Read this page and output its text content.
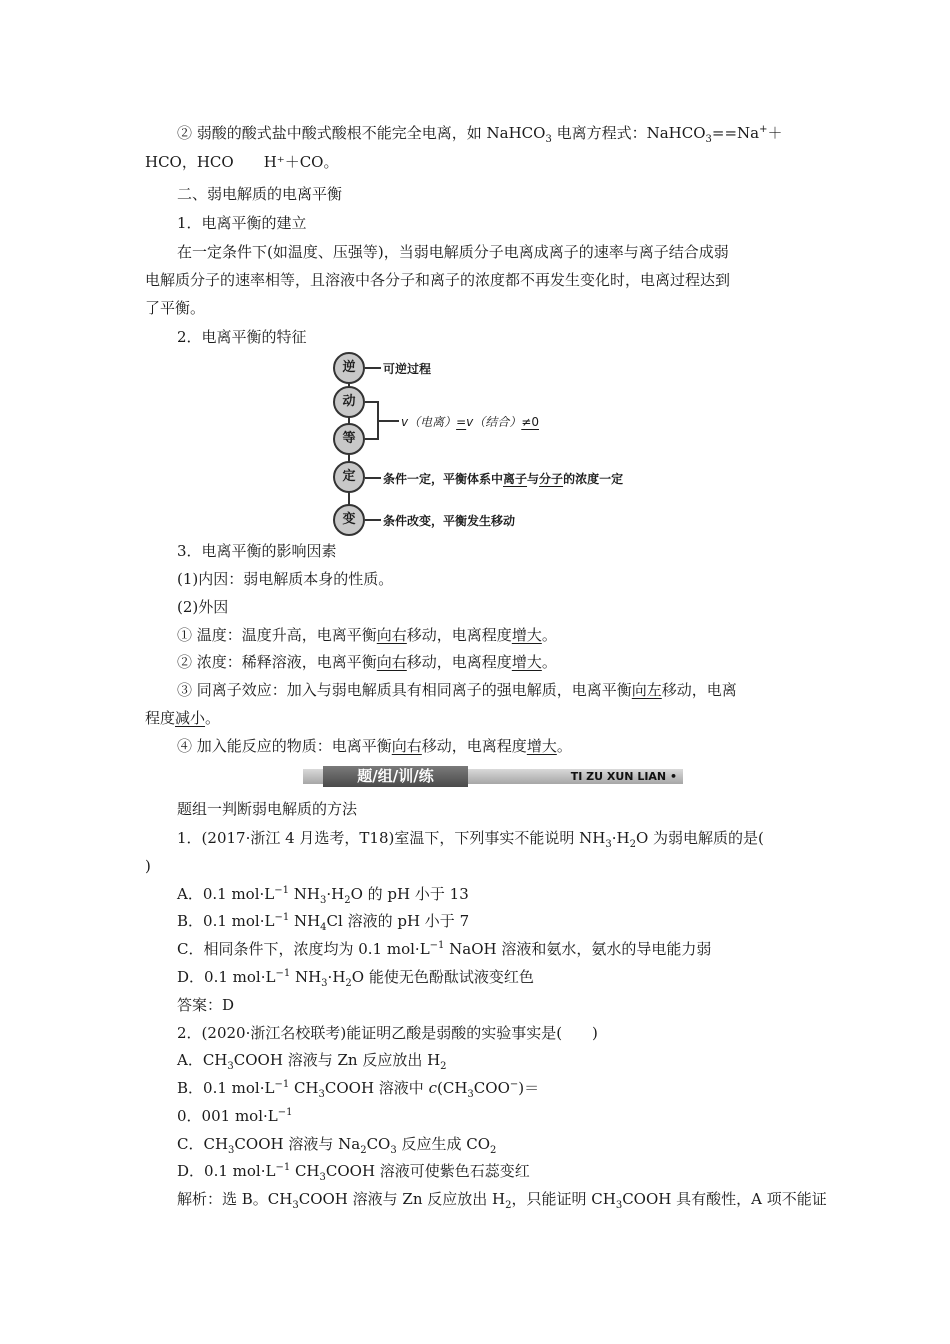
② 弱酸的酸式盐中酸式酸根不能完全电离，如 NaHCO$_3$ 电离方程式：NaHCO$_3$==Na+＋
HCO，HCO　　H⁺＋CO。
二、弱电解质的电离平衡
1．电离平衡的建立
在一定条件下(如温度、压强等)，当弱电解质分子电离成离子的速率与离子结合成弱
电解质分子的速率相等，且溶液中各分子和离子的浓度都不再发生变化时，电离过程达到
了平衡。
2．电离平衡的特征
逆
动
等
定
变
可逆过程
v（电离）=v（结合）≠0
条件一定，平衡体系中离子与分子的浓度一定
条件改变，平衡发生移动
3．电离平衡的影响因素
(1)内因：弱电解质本身的性质。
(2)外因
① 温度：温度升高，电离平衡向右移动，电离程度增大。
② 浓度：稀释溶液，电离平衡向右移动，电离程度增大。
③ 同离子效应：加入与弱电解质具有相同离子的强电解质，电离平衡向左移动，电离
程度减小。
④ 加入能反应的物质：电离平衡向右移动，电离程度增大。
题/组/训/练	TI ZU XUN LIAN •
题组一判断弱电解质的方法
1．(2017·浙江 4 月选考，T18)室温下，下列事实不能说明 $NH_3\cdot H_2O$ 为弱电解质的是(
)
A．0.1 $mol\cdot L^{-1}$ $NH_3\cdot H_2O$ 的 pH 小于 13
B．0.1 $mol\cdot L^{-1}$ $NH_4Cl$ 溶液的 pH 小于 7
C．相同条件下，浓度均为 0.1 $mol\cdot L^{-1}$ NaOH 溶液和氨水，氨水的导电能力弱
D．0.1 $mol\cdot L^{-1}$ $NH_3\cdot H_2O$ 能使无色酚酞试液变红色
答案：D
2．(2020·浙江名校联考)能证明乙酸是弱酸的实验事实是(　　)
A．$CH_3COOH$ 溶液与 Zn 反应放出 $H_2$
B．0.1 $mol\cdot L^{-1}$ $CH_3COOH$ 溶液中 $c(CH_3COO^-)=$
0．001 $mol\cdot L^{-1}$
C．$CH_3COOH$ 溶液与 $Na_2CO_3$ 反应生成 $CO_2$
D．0.1 $mol\cdot L^{-1}$ $CH_3COOH$ 溶液可使紫色石蕊变红
解析：选 B。$CH_3COOH$ 溶液与 Zn 反应放出 $H_2$，只能证明 $CH_3COOH$ 具有酸性，A 项不能证
